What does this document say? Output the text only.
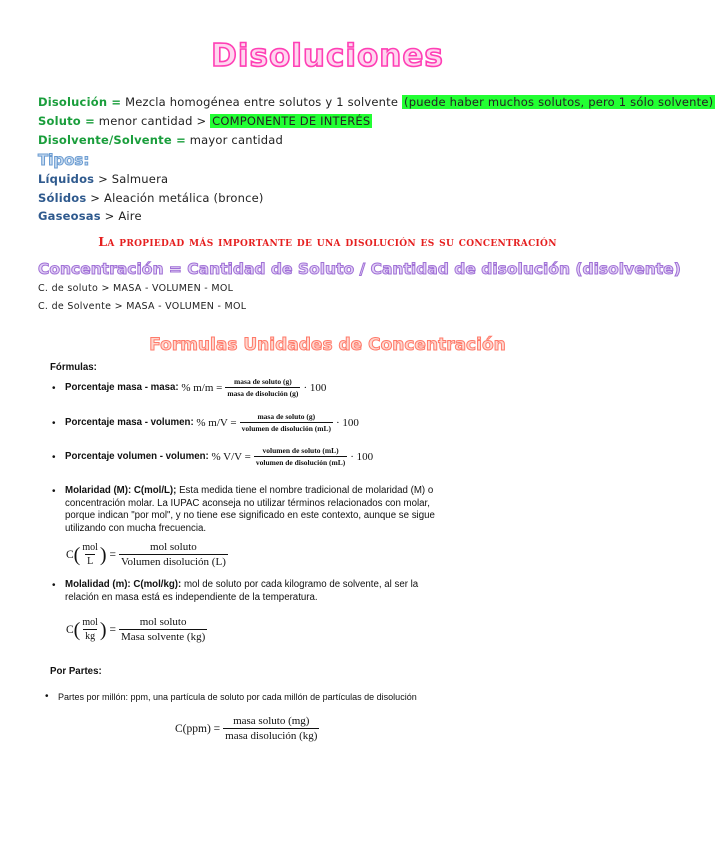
Disoluciones
Disolución = Mezcla homogénea entre solutos y 1 solvente (puede haber muchos solutos, pero 1 sólo solvente)
Soluto = menor cantidad > COMPONENTE DE INTERÉS
Disolvente/Solvente = mayor cantidad
Tipos:
Líquidos > Salmuera
Sólidos > Aleación metálica (bronce)
Gaseosas > Aire
La propiedad más importante de una disolución es su concentración
Concentración = Cantidad de Soluto / Cantidad de disolución (disolvente)
C. de soluto > MASA - VOLUMEN - MOL
C. de Solvente > MASA - VOLUMEN - MOL
Formulas Unidades de Concentración
Fórmulas:
• Porcentaje masa - masa:
% $m/m = \frac{\text{masa de soluto (g)}}{\text{masa de disolución (g)}} \cdot 100$
• Porcentaje masa - volumen:
% $m/V = \frac{\text{masa de soluto (g)}}{\text{volumen de disolución (mL)}} \cdot 100$
• Porcentaje volumen - volumen:
% $V/V = \frac{\text{volumen de soluto (mL)}}{\text{volumen de disolución (mL)}} \cdot 100$
• Molaridad (M): C(mol/L); Esta medida tiene el nombre tradicional de molaridad (M) o concentración molar. La IUPAC aconseja no utilizar términos relacionados con molar, porque indican "por mol", y no tiene ese significado en este contexto, aunque se sigue utilizando con mucha frecuencia.
C ( $\frac{\text{mol}}{L}$ ) = $\frac{\text{mol soluto}}{\text{Volumen disolución (L)}}$
• Molalidad (m): C(mol/kg): mol de soluto por cada kilogramo de solvente, al ser la relación en masa está es independiente de la temperatura.
C ( $\frac{\text{mol}}{kg}$ ) = $\frac{\text{mol soluto}}{\text{Masa solvente (kg)}}$
Por Partes:
• Partes por millón: ppm, una partícula de soluto por cada millón de partículas de disolución
$C(ppm) = \frac{\text{masa soluto (mg)}}{\text{masa disolución (kg)}}$
